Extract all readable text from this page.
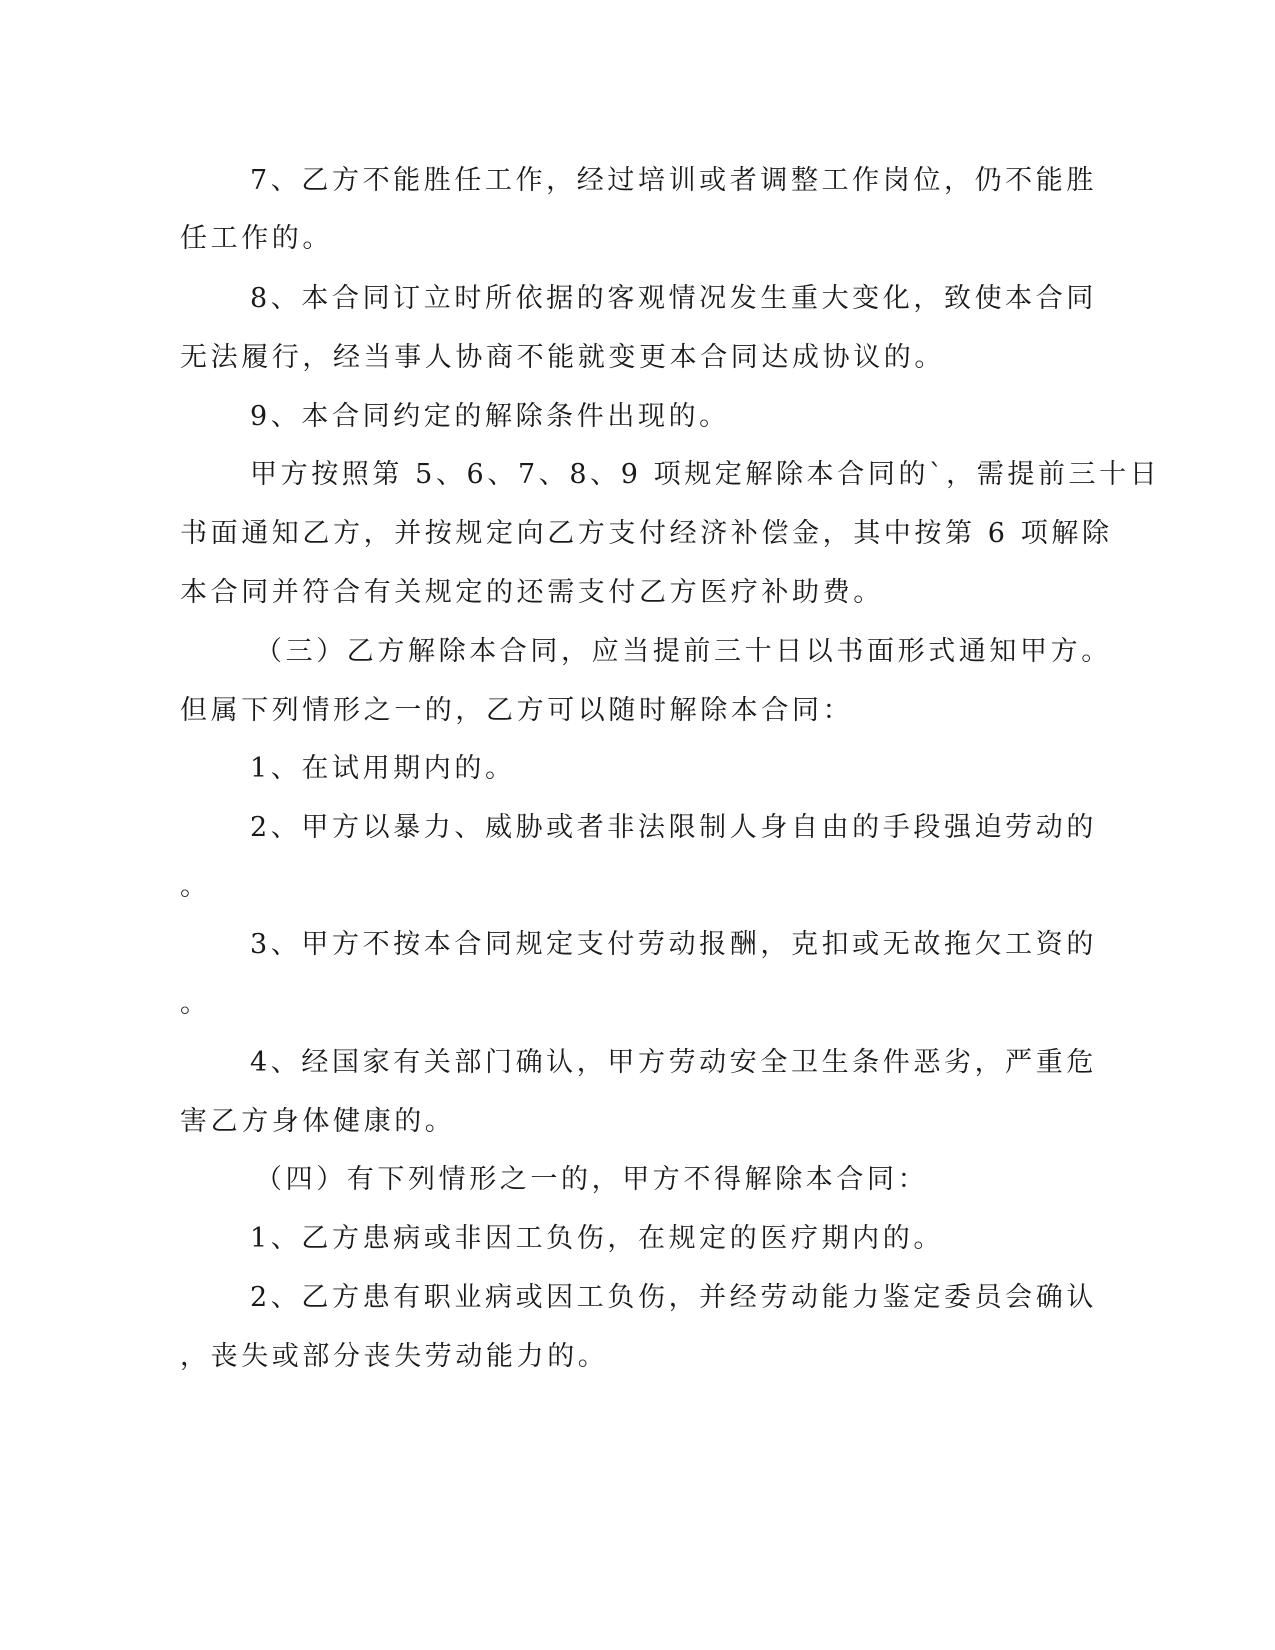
7、乙方不能胜任工作，经过培训或者调整工作岗位，仍不能胜
任工作的。
8、本合同订立时所依据的客观情况发生重大变化，致使本合同
无法履行，经当事人协商不能就变更本合同达成协议的。
9、本合同约定的解除条件出现的。
甲方按照第 5、6、7、8、9 项规定解除本合同的`，需提前三十日
书面通知乙方，并按规定向乙方支付经济补偿金，其中按第 6 项解除
本合同并符合有关规定的还需支付乙方医疗补助费。
（三）乙方解除本合同，应当提前三十日以书面形式通知甲方。
但属下列情形之一的，乙方可以随时解除本合同：
1、在试用期内的。
2、甲方以暴力、威胁或者非法限制人身自由的手段强迫劳动的
。
3、甲方不按本合同规定支付劳动报酬，克扣或无故拖欠工资的
。
4、经国家有关部门确认，甲方劳动安全卫生条件恶劣，严重危
害乙方身体健康的。
（四）有下列情形之一的，甲方不得解除本合同：
1、乙方患病或非因工负伤，在规定的医疗期内的。
2、乙方患有职业病或因工负伤，并经劳动能力鉴定委员会确认
，丧失或部分丧失劳动能力的。
